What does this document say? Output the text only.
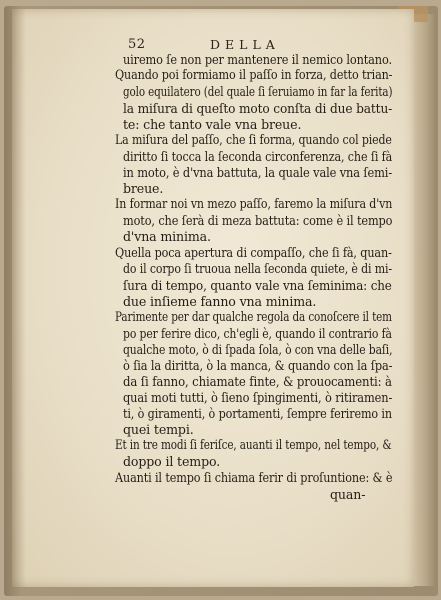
52	DELLA
uiremo ſe non per mantenere il nemico lontano.
Quando poi formiamo il paſſo in forza, detto trian-
golo equilatero (del quale ſi ſeruiamo in far la ferita)
la miſura di queſto moto conſta di due battu-
te: che tanto vale vna breue.
La miſura del paſſo, che ſi forma, quando col piede
diritto ſi tocca la ſeconda circonferenza, che ſi fà
in moto, è d'vna battuta, la quale vale vna ſemi-
breue.
In formar noi vn mezo paſſo, faremo la miſura d'vn
moto, che ſerà di meza battuta: come è il tempo
d'vna minima.
Quella poca apertura di compaſſo, che ſi fà, quan-
do il corpo ſi truoua nella ſeconda quiete, è di mi-
ſura di tempo, quanto vale vna ſeminima: che
due inſieme fanno vna minima.
Parimente per dar qualche regola da conoſcere il tem
po per ferire dico, ch'egli è, quando il contrario fà
qualche moto, ò di ſpada ſola, ò con vna delle baſi,
ò ſia la diritta, ò la manca, & quando con la ſpa-
da ſi fanno, chiamate finte, & prouocamenti: à
quai moti tutti, ò ſieno ſpingimenti, ò ritiramen-
ti, ò giramenti, ò portamenti, ſempre feriremo in
quei tempi.
Et in tre modi ſi feriſce, auanti il tempo, nel tempo, &
doppo il tempo.
Auanti il tempo ſi chiama ferir di proſuntione: & è
quan-
